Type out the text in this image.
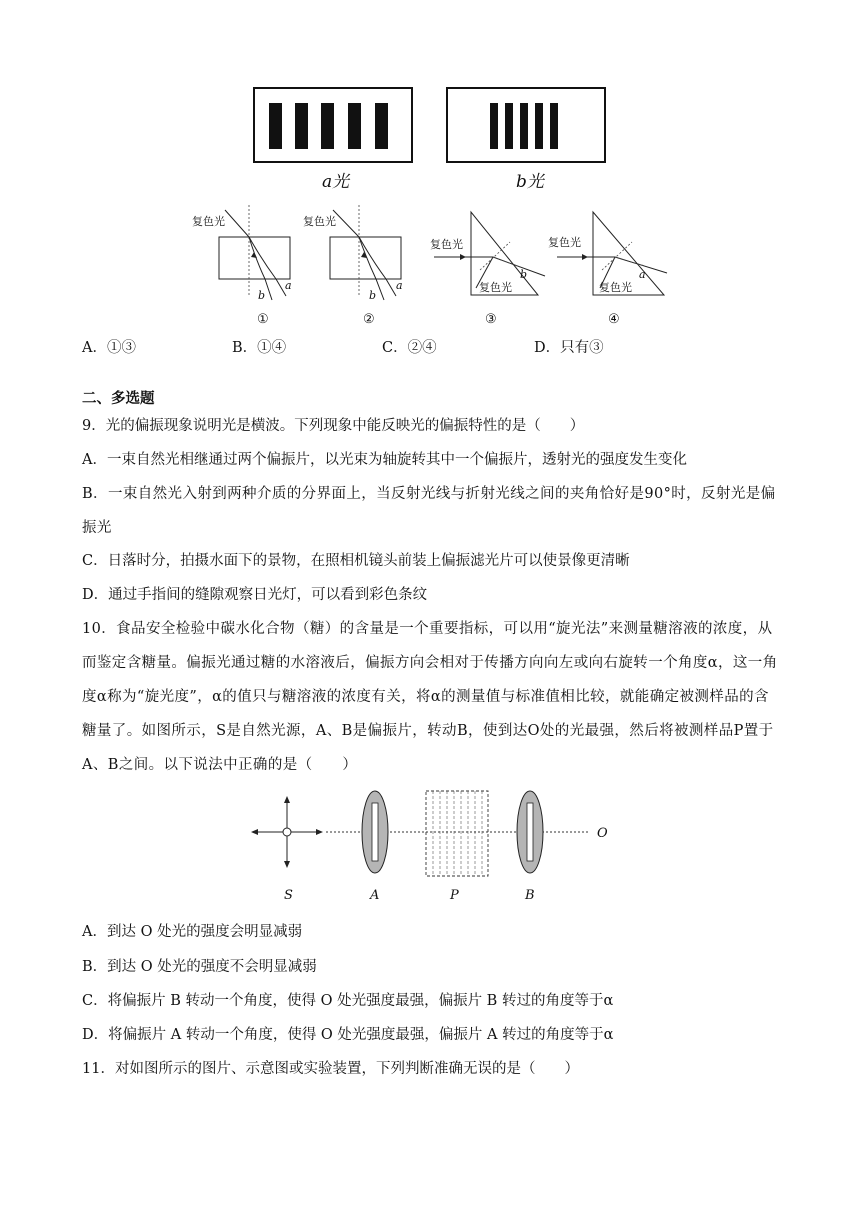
a光	b光
复色光
b
a
①
复色光
b
a
②
复色光
复色光
b
③
复色光
复色光
a
④
A．①③	B．①④	C．②④	D．只有③
二、多选题
9．光的偏振现象说明光是横波。下列现象中能反映光的偏振特性的是（　　）
A．一束自然光相继通过两个偏振片，以光束为轴旋转其中一个偏振片，透射光的强度发生变化
B．一束自然光入射到两种介质的分界面上，当反射光线与折射光线之间的夹角恰好是90°时，反射光是偏振光
C．日落时分，拍摄水面下的景物，在照相机镜头前装上偏振滤光片可以使景像更清晰
D．通过手指间的缝隙观察日光灯，可以看到彩色条纹
10．食品安全检验中碳水化合物（糖）的含量是一个重要指标，可以用“旋光法”来测量糖溶液的浓度，从而鉴定含糖量。偏振光通过糖的水溶液后，偏振方向会相对于传播方向向左或向右旋转一个角度α，这一角度α称为“旋光度”，α的值只与糖溶液的浓度有关，将α的测量值与标准值相比较，就能确定被测样品的含糖量了。如图所示，S是自然光源，A、B是偏振片，转动B，使到达O处的光最强，然后将被测样品P置于A、B之间。以下说法中正确的是（　　）
S	A	P	B
O
A．到达 O 处光的强度会明显减弱
B．到达 O 处光的强度不会明显减弱
C．将偏振片 B 转动一个角度，使得 O 处光强度最强，偏振片 B 转过的角度等于α
D．将偏振片 A 转动一个角度，使得 O 处光强度最强，偏振片 A 转过的角度等于α
11．对如图所示的图片、示意图或实验装置，下列判断准确无误的是（　　）
